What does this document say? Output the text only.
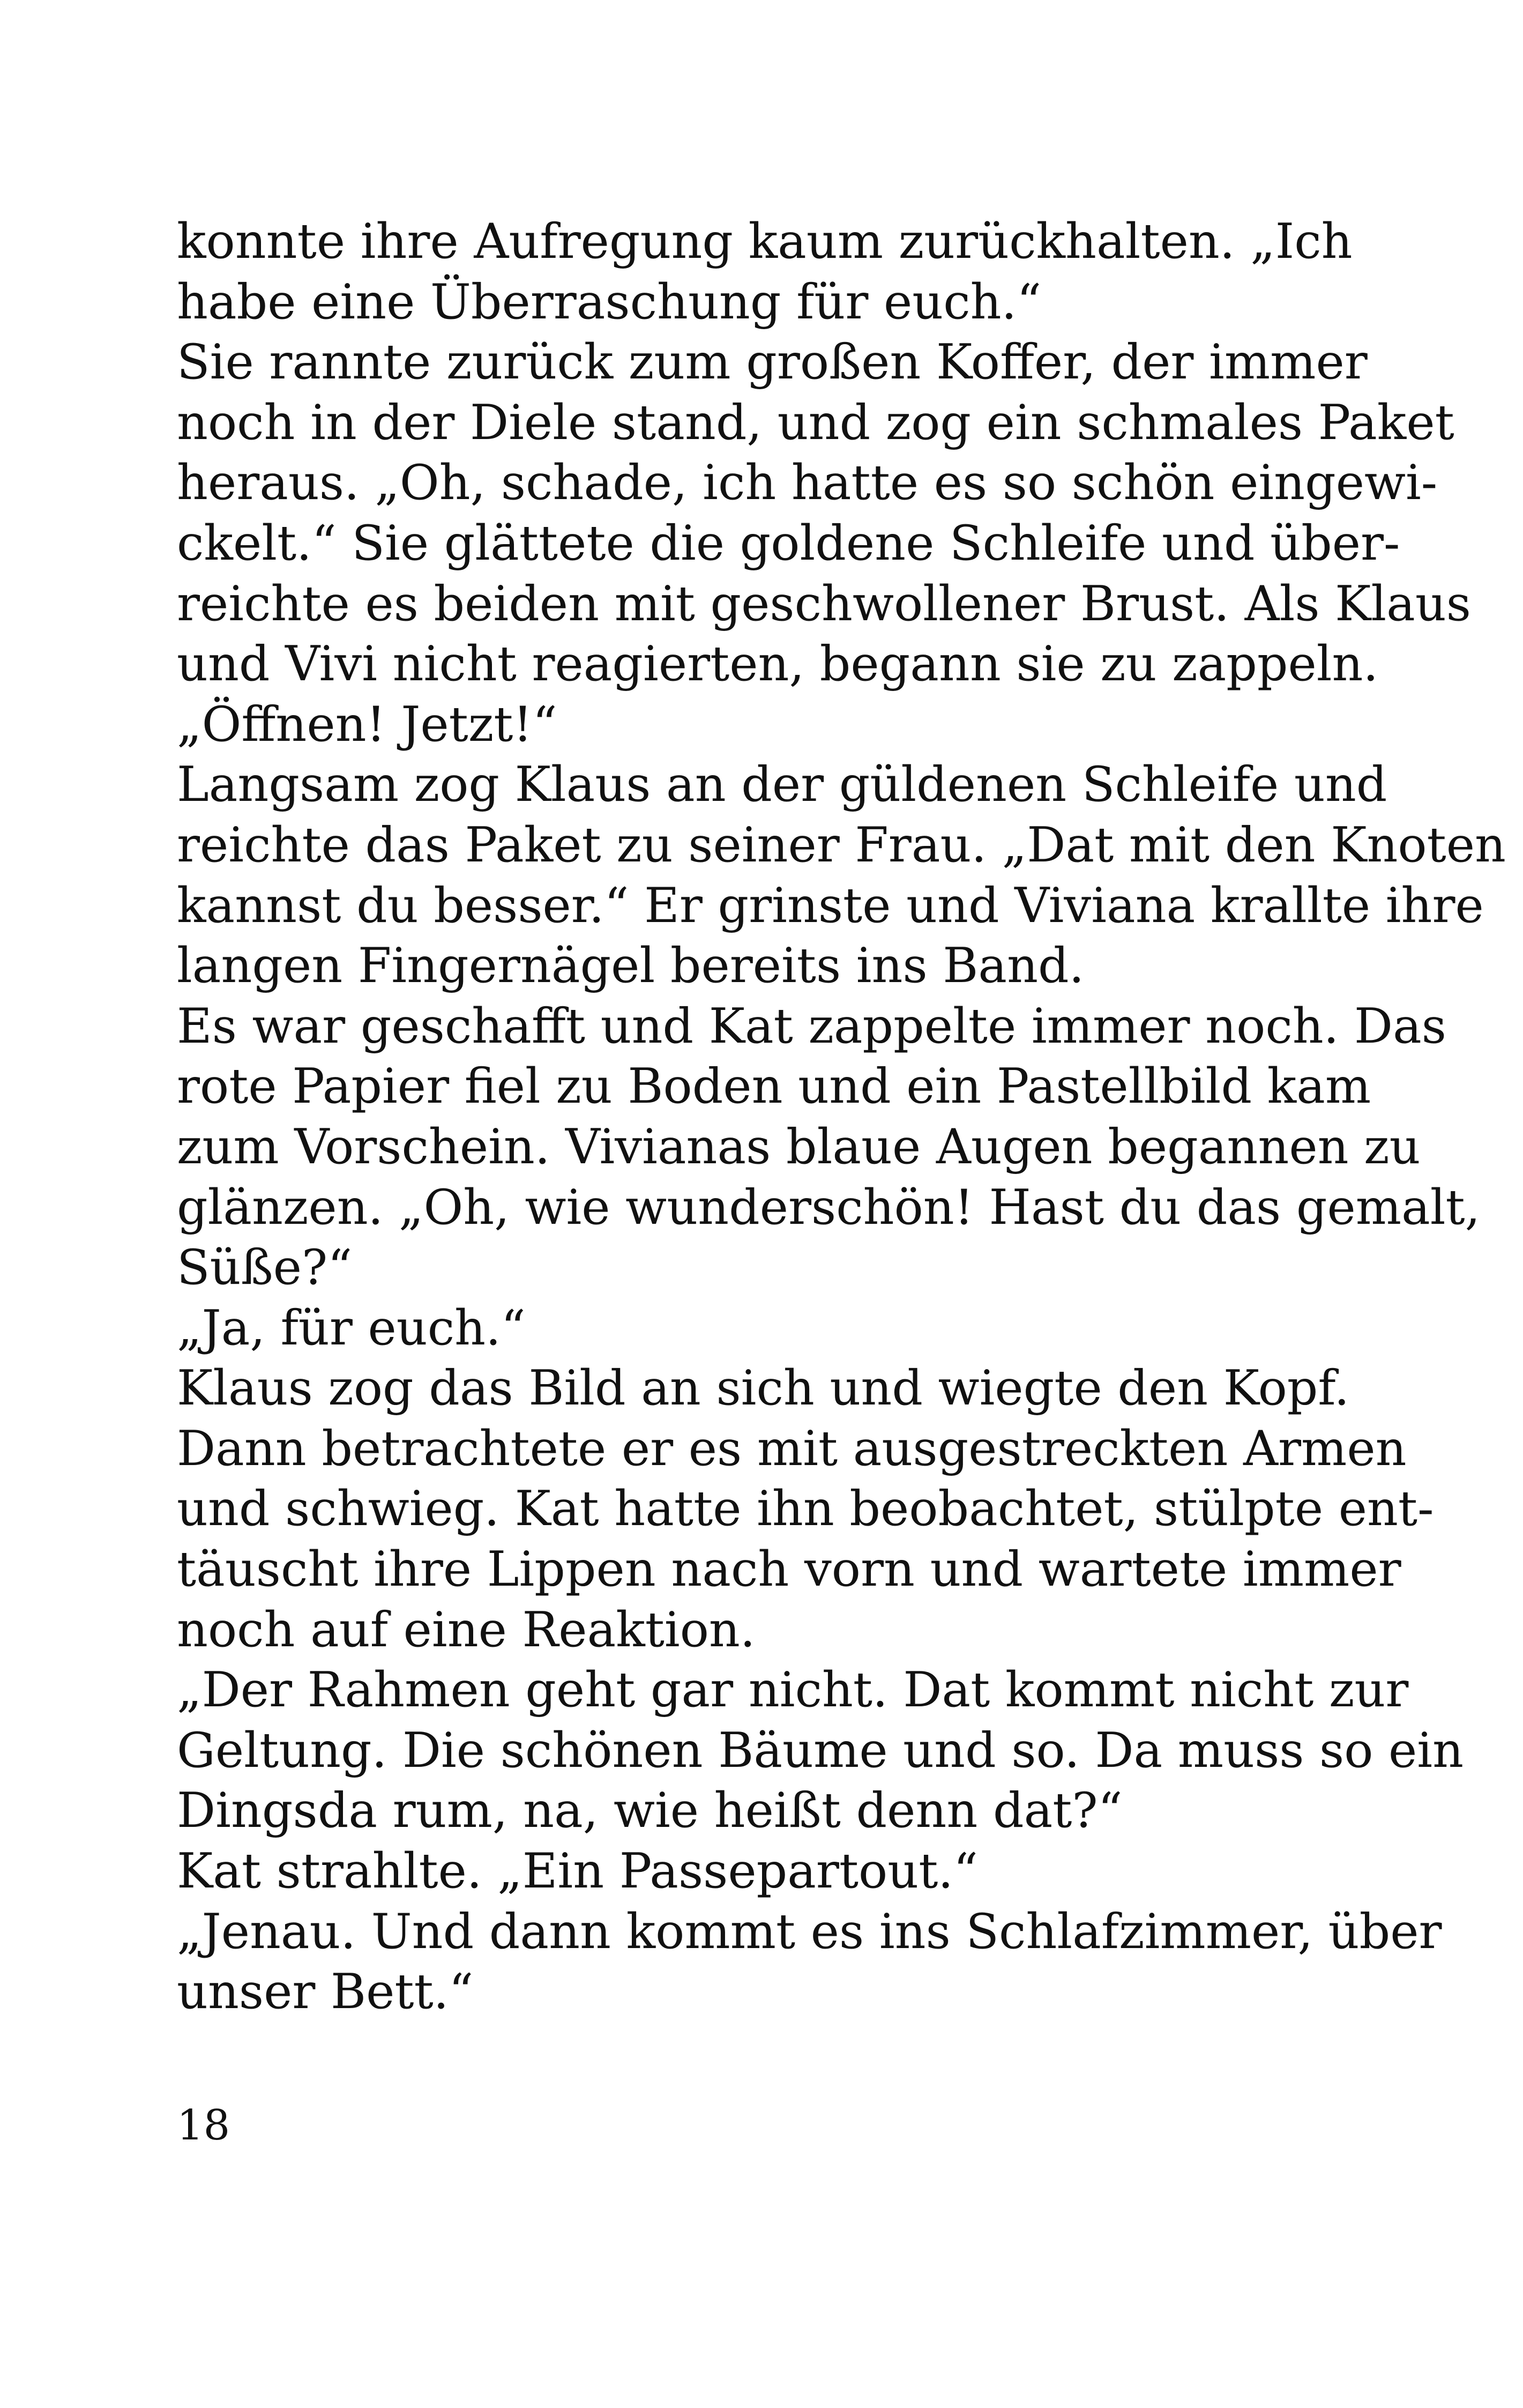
konnte ihre Aufregung kaum zurückhalten. „Ich
habe eine Überraschung für euch.“

Sie rannte zurück zum großen Koffer, der immer
noch in der Diele stand, und zog ein schmales Paket
heraus. „Oh, schade, ich hatte es so schön eingewi-
ckelt.“ Sie glättete die goldene Schleife und über-
reichte es beiden mit geschwollener Brust. Als Klaus
und Vivi nicht reagierten, begann sie zu zappeln.
„Öffnen! Jetzt!“

Langsam zog Klaus an der güldenen Schleife und
reichte das Paket zu seiner Frau. „Dat mit den Knoten
kannst du besser.“ Er grinste und Viviana krallte ihre
langen Fingernägel bereits ins Band.

Es war geschafft und Kat zappelte immer noch. Das
rote Papier fiel zu Boden und ein Pastellbild kam
zum Vorschein. Vivianas blaue Augen begannen zu
glänzen. „Oh, wie wunderschön! Hast du das gemalt,
Süße?“

„Ja, für euch.“

Klaus zog das Bild an sich und wiegte den Kopf.
Dann betrachtete er es mit ausgestreckten Armen
und schwieg. Kat hatte ihn beobachtet, stülpte ent-
täuscht ihre Lippen nach vorn und wartete immer
noch auf eine Reaktion.

„Der Rahmen geht gar nicht. Dat kommt nicht zur
Geltung. Die schönen Bäume und so. Da muss so ein
Dingsda rum, na, wie heißt denn dat?“

Kat strahlte. „Ein Passepartout.“

„Jenau. Und dann kommt es ins Schlafzimmer, über
unser Bett.“

18
